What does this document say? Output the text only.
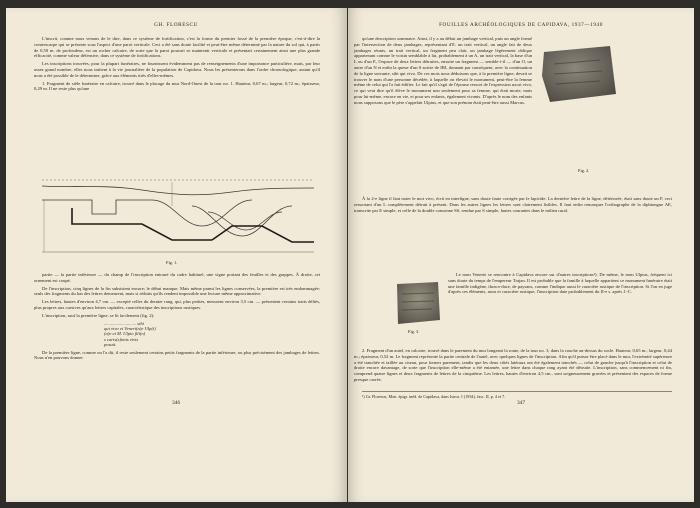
GH. FLORESCU

L'inscrit, comme nous venons de le dire, dans ce système de fortification, c'est la forme du premier fossé de la première époque, c'est-à-dire la contrescarpe qui se présente sous l'aspect d'une paroi verticale. Ceci a été sans doute facilité et peut-être même déterminé par la nature du sol qui, à partir de 0,50 m. de profondeur, est un rocher calcaire, de sorte que la paroi pouvait se maintenir verticale et présentait certainement ainsi une plus grande efficacité, comme valeur défensive, dans ce système de fortifications.

Les inscriptions trouvées, pour la plupart funéraires, ne fournissent évidemment pas de renseignements d'une importance particulière, mais, par leur assez grand nombre, elles nous initient à la vie journalière de la population de Capidava. Nous les présenterons dans l'ordre chronologique, autant qu'il nous a été possible de le déterminer, grâce aux éléments tirés d'elles-mêmes.

1. Fragment de stèle funéraire en calcaire, trouvé dans le placage du mur Nord-Ouest de la tour no. 1. Hauteur, 0,67 m.; largeur, 0,72 m.; épaisseur, 0,29 m. Il ne reste plus qu'une

Fig. 1.

partie — la partie inférieure — du champ de l'inscription entouré du cadre habituel, une vigne portant des feuilles et des grappes. À droite, cet ornement est coupé.

De l'inscription, cinq lignes de la fin subsistent encore; le début manque. Mais même parmi les lignes conservées, la première est très endommagée: seuls des fragments du bas des lettres demeurent, mais si réduits qu'ils rendent impossible une lecture même approximative.

Les lettres, hautes d'environ 4,7 cm. — excepté celles du dernier rang, qui, plus petites, mesurent environ 3,5 cm. — présentent certains traits déliés, plus propres aux cursives qu'aux lettres capitales, caractéristique des inscriptions rustiques.

L'inscription, sauf la première ligne, se lit facilement (fig. 2):

............................ sibi
qui vivo et Veneri(n)e Ulp(i)
(a)e et M. Ulpio fili(o)
s caris(s)imis vivis
posuit.

De la première ligne, comme on l'a dit, il reste seulement certains petits fragments de la partie inférieure, ou plus précisément des jambages de lettres. Nous n'en pouvons donner

346
FOUILLES ARCHÉOLOGIQUES DE CAPIDAVA, 1937—1940

qu'une description sommaire. Ainsi, il y a au début un jambage vertical, puis un angle formé par l'intersection de deux jambages, représentant d'E. un trait vertical, un angle fait de deux jambages réunis, un trait vertical, un fragment peu clair, un jambage légèrement oblique appartenant comme le voisin semblable à lui, probablement à un A, un trait vertical, la base d'un L ou d'un E, l'espace de deux lettres détruites, ensuite un fragment — semble-t-il — d'un O, un autre d'un N et enfin la queue d'un S suivie de IBI, donnant par conséquent, avec la continuation de la ligne suivante, sibi qui vivo. De ces mots nous déduisons que, à la première ligne, devait se trouver le nom d'une personne décédée, à laquelle on élevait le monument, peut-être la femme même de celui qui l'a fait édifier. Le fait qu'il s'agit de l'épouse ressort de l'expression uxori vivo, ce qui veut dire qu'il élève le monument non seulement pour sa femme, qui était morte, mais pour lui-même, encore en vie, et pour ses enfants, également vivants. D'après le nom des enfants nous supposons que le père s'appelait Ulpius, et que son prénom était peut-être aussi Marcus.

Fig. 2.

À la 2-e ligne il faut noter le mot vivo, écrit en interligne, sans doute faute corrigée par le lapicide. La dernière lettre de la ligne, détériorée, était sans doute un P, ceci ressortant d'un L complètement détruit à présent. Dans les autres lignes les lettres sont clairement lisibles. Il faut enfin remarquer l'orthographe de la diphtongue AE, transcrite par E simple, et celle de la double consonne SS, rendue par S simple, fautes courantes dans le milieu rural.

Fig. 3.

Le nom Venerie se rencontre à Capidava encore sur d'autres inscriptions¹). De même, le nom Ulpius, fréquent ici sans doute du temps de l'empereur Trajan. Il est probable que la famille à laquelle appartient ce monument funéraire était une famille indigène, thraco-dace, de paysans, comme l'indique aussi le caractère rustique de l'inscription. Si l'on en juge d'après ces éléments, nous et caractère rustique, l'inscription date probablement du II-e s. après J.-C.

2. Fragment d'un autel, en calcaire, trouvé dans le parement du mur longeant la route, de la tour no. 3, dans la couche au-dessus du socle. Hauteur, 0,65 m.; largeur, 0,44 m.; épaisseur, 0,52 m. Le fragment représente la partie centrale de l'autel, avec quelques lignes de l'inscription. Afin qu'il puisse être placé dans le mur, l'extrémité supérieure a été tranchée et taillée au ciseau, pour former parement, tandis que les deux côtés latéraux ont été également tranchés — celui de gauche jusqu'à l'inscription et celui de droite encore davantage, de sorte que l'inscription elle-même a été entamée, une lettre dans chaque rang ayant été détruite. L'inscription, sans commencement ni fin, comprend quatre lignes et deux fragments de lettres de la cinquième. Les lettres, hautes d'environ 4,5 cm., sont soigneusement gravées et présentent des espaces de forme presque carrée.

¹) Gr. Florescu, Mon. épigr. inéd. de Capidava, dans Istros. I (1934), fasc. II, p. 4 et 7.
347
